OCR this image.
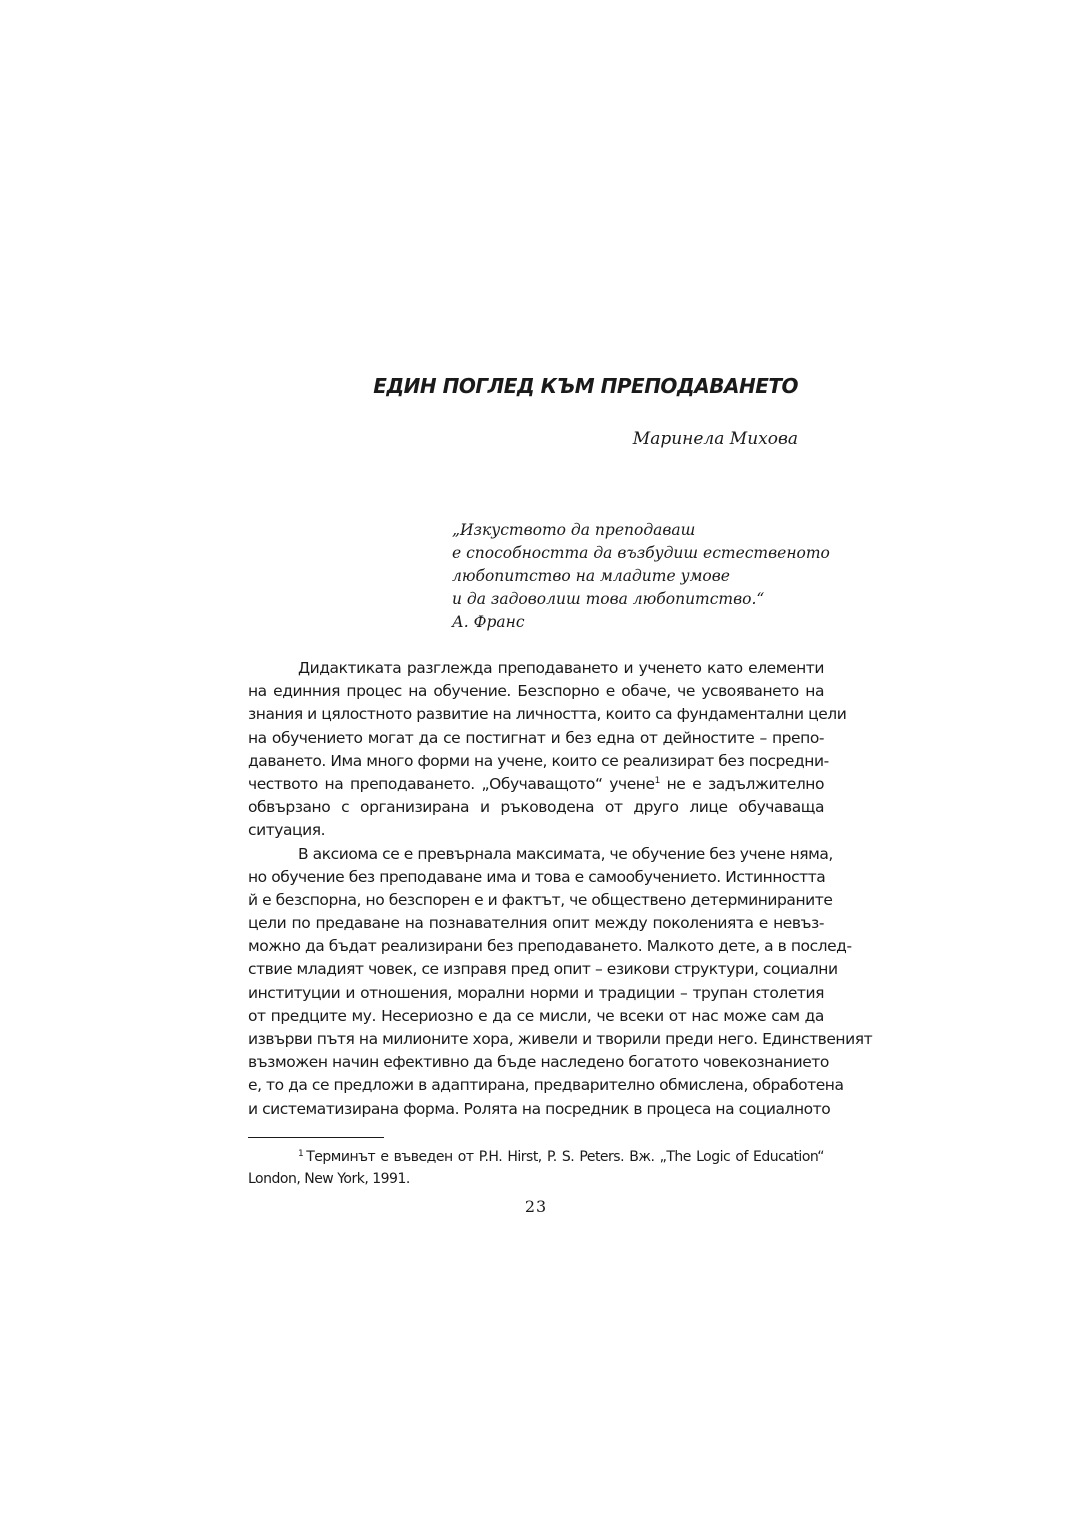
ЕДИН ПОГЛЕД КЪМ ПРЕПОДАВАНЕТО

Маринела Михова

„Изкуството да преподаваш
е способността да възбудиш естественото
любопитство на младите умове
и да задоволиш това любопитство.“
А. Франс
Дидактиката разглежда преподаването и ученето като елементи
на единния процес на обучение. Безспорно е обаче, че усвояването на
знания и цялостното развитие на личността, които са фундаментални цели
на обучението могат да се постигнат и без една от дейностите – препо-
даването. Има много форми на учене, които се реализират без посредни-
чеството на преподаването. „Обучаващото“ учене$^1$ не е задължително
обвързано с организирана и ръководена от друго лице обучаваща
ситуация.
В аксиома се е превърнала максимата, че обучение без учене няма,
но обучение без преподаване има и това е самообучението. Истинността
й е безспорна, но безспорен е и фактът, че обществено детерминираните
цели по предаване на познавателния опит между поколенията е невъз-
можно да бъдат реализирани без преподаването. Малкото дете, а в послед-
ствие младият човек, се изправя пред опит – езикови структури, социални
институции и отношения, морални норми и традиции – трупан столетия
от предците му. Несериозно е да се мисли, че всеки от нас може сам да
извърви пътя на милионите хора, живели и творили преди него. Единственият
възможен начин ефективно да бъде наследено богатото човекознанието
е, то да се предложи в адаптирана, предварително обмислена, обработена
и систематизирана форма. Ролята на посредник в процеса на социалното
$^1$ Терминът е въведен от P.H. Hirst, P. S. Peters. Вж. „The Logic of Education“
London, New York, 1991.

23
